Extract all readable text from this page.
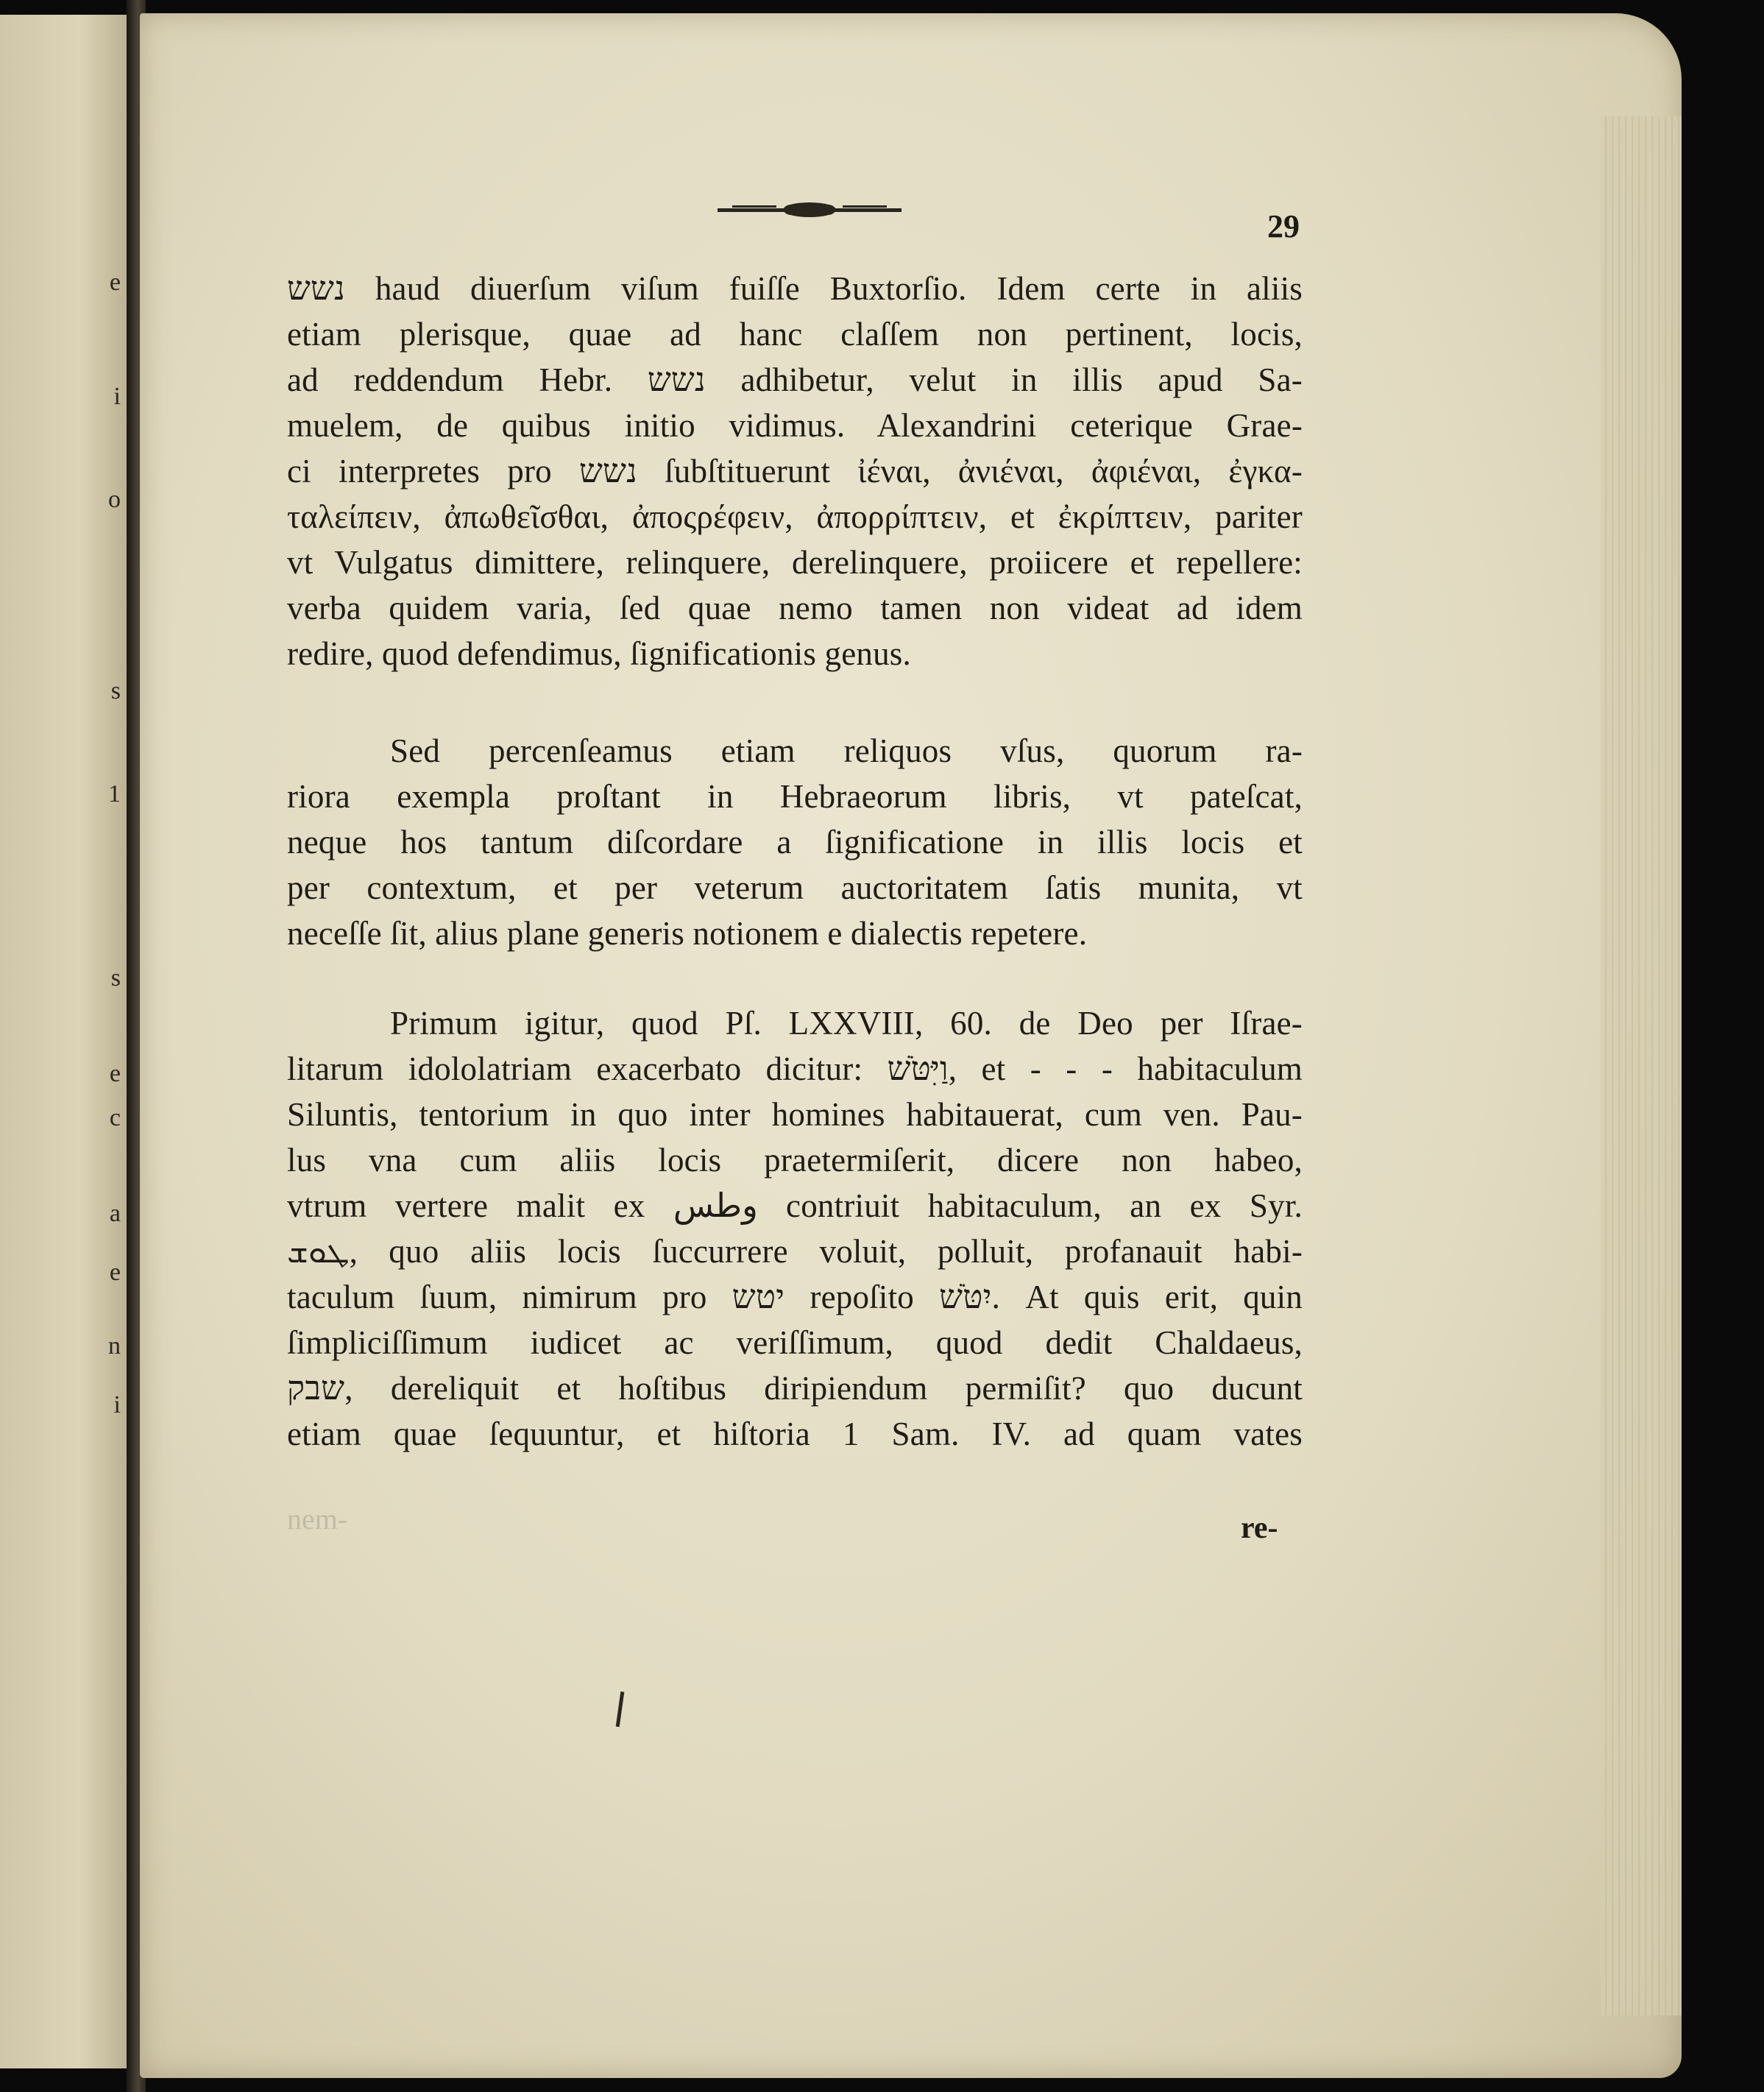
e
i
o
s
1
s
e
c
a
e
n
i
29
נשש haud diuerſum viſum fuiſſe Buxtorſio. Idem certe in aliis
etiam plerisque, quae ad hanc claſſem non pertinent, locis,
ad reddendum Hebr. נשש adhibetur, velut in illis apud Sa-
muelem, de quibus initio vidimus. Alexandrini ceterique Grae-
ci interpretes pro נשש ſubſtituerunt ἰέναι, ἀνιέναι, ἀφιέναι, ἐγκα-
ταλείπειν, ἀπωθεῖσθαι, ἀποςρέφειν, ἀπορρίπτειν, et ἐκρίπτειν, pariter
vt Vulgatus dimittere, relinquere, derelinquere, proiicere et repellere:
verba quidem varia, ſed quae nemo tamen non videat ad idem
redire, quod defendimus, ſignificationis genus.
Sed percenſeamus etiam reliquos vſus, quorum ra-
riora exempla proſtant in Hebraeorum libris, vt pateſcat,
neque hos tantum diſcordare a ſignificatione in illis locis et
per contextum, et per veterum auctoritatem ſatis munita, vt
neceſſe ſit, alius plane generis notionem e dialectis repetere.
Primum igitur, quod Pſ. LXXVIII, 60. de Deo per Iſrae-
litarum idololatriam exacerbato dicitur: וַיִּטֹּשׁ, et - - - habitaculum
Siluntis, tentorium in quo inter homines habitauerat, cum ven. Pau-
lus vna cum aliis locis praetermiſerit, dicere non habeo,
vtrum vertere malit ex وطس contriuit habitaculum, an ex Syr.
ܛܘܫ, quo aliis locis ſuccurrere voluit, polluit, profanauit habi-
taculum ſuum, nimirum pro יטש repoſito יִטֹּשׁ. At quis erit, quin
ſimpliciſſimum iudicet ac veriſſimum, quod dedit Chaldaeus,
שבק, dereliquit et hoſtibus diripiendum permiſit? quo ducunt
etiam quae ſequuntur, et hiſtoria 1 Sam. IV. ad quam vates
re-
nem-
